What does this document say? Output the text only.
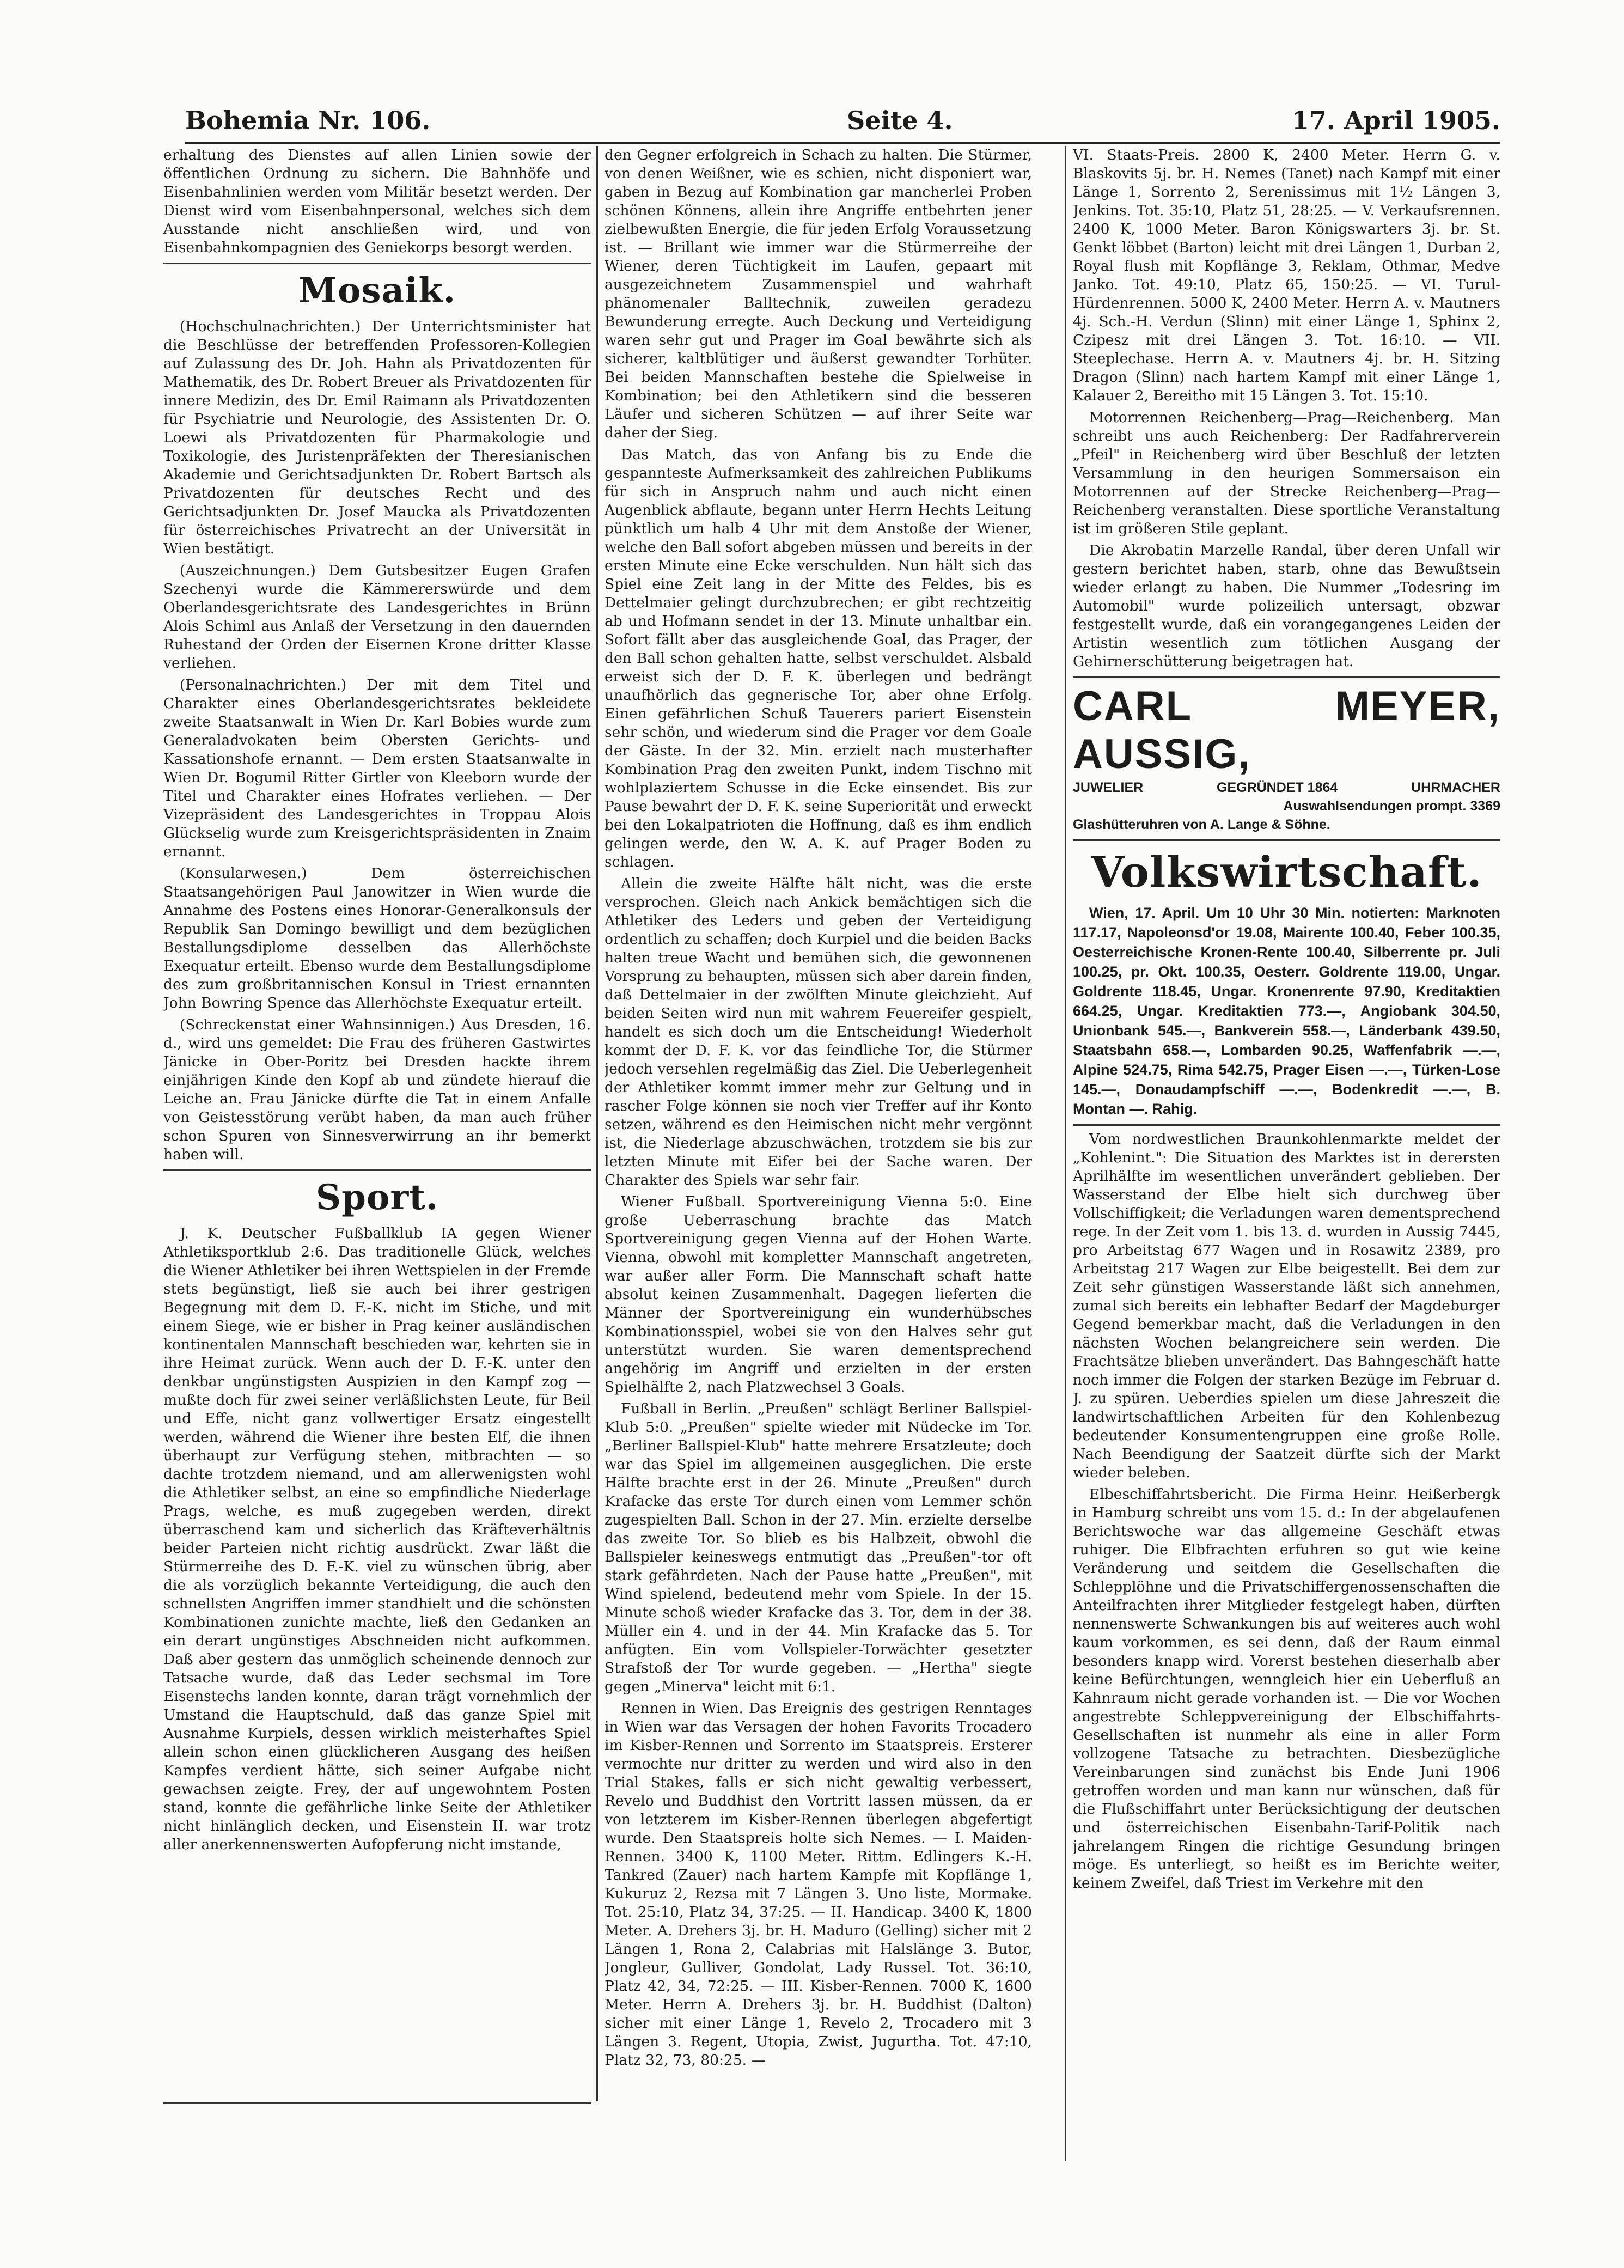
Bohemia Nr. 106.	Seite 4.	17. April 1905.

erhaltung des Dienstes auf allen Linien sowie der öffentlichen Ordnung zu sichern. Die Bahnhöfe und Eisenbahnlinien werden vom Militär besetzt werden. Der Dienst wird vom Eisenbahnpersonal, welches sich dem Ausstande nicht anschließen wird, und von Eisenbahnkompagnien des Geniekorps besorgt werden.

Mosaik.

(Hochschulnachrichten.) Der Unterrichtsminister hat die Beschlüsse der betreffenden Professoren-Kollegien auf Zulassung des Dr. Joh. Hahn als Privatdozenten für Mathematik, des Dr. Robert Breuer als Privatdozenten für innere Medizin, des Dr. Emil Raimann als Privatdozenten für Psychiatrie und Neurologie, des Assistenten Dr. O. Loewi als Privatdozenten für Pharmakologie und Toxikologie, des Juristenpräfekten der Theresianischen Akademie und Gerichtsadjunkten Dr. Robert Bartsch als Privatdozenten für deutsches Recht und des Gerichtsadjunkten Dr. Josef Maucka als Privatdozenten für österreichisches Privatrecht an der Universität in Wien bestätigt.

(Auszeichnungen.) Dem Gutsbesitzer Eugen Grafen Szechenyi wurde die Kämmererswürde und dem Oberlandesgerichtsrate des Landesgerichtes in Brünn Alois Schiml aus Anlaß der Versetzung in den dauernden Ruhestand der Orden der Eisernen Krone dritter Klasse verliehen.

(Personalnachrichten.) Der mit dem Titel und Charakter eines Oberlandesgerichtsrates bekleidete zweite Staatsanwalt in Wien Dr. Karl Bobies wurde zum Generaladvokaten beim Obersten Gerichts- und Kassationshofe ernannt. — Dem ersten Staatsanwalte in Wien Dr. Bogumil Ritter Girtler von Kleeborn wurde der Titel und Charakter eines Hofrates verliehen. — Der Vizepräsident des Landesgerichtes in Troppau Alois Glückselig wurde zum Kreisgerichtspräsidenten in Znaim ernannt.

(Konsularwesen.) Dem österreichischen Staatsangehörigen Paul Janowitzer in Wien wurde die Annahme des Postens eines Honorar-Generalkonsuls der Republik San Domingo bewilligt und dem bezüglichen Bestallungsdiplome desselben das Allerhöchste Exequatur erteilt. Ebenso wurde dem Bestallungsdiplome des zum großbritannischen Konsul in Triest ernannten John Bowring Spence das Allerhöchste Exequatur erteilt.

(Schreckenstat einer Wahnsinnigen.) Aus Dresden, 16. d., wird uns gemeldet: Die Frau des früheren Gastwirtes Jänicke in Ober-Poritz bei Dresden hackte ihrem einjährigen Kinde den Kopf ab und zündete hierauf die Leiche an. Frau Jänicke dürfte die Tat in einem Anfalle von Geistesstörung verübt haben, da man auch früher schon Spuren von Sinnesverwirrung an ihr bemerkt haben will.

Sport.

J. K. Deutscher Fußballklub IA gegen Wiener Athletiksportklub 2:6. Das traditionelle Glück, welches die Wiener Athletiker bei ihren Wettspielen in der Fremde stets begünstigt, ließ sie auch bei ihrer gestrigen Begegnung mit dem D. F.-K. nicht im Stiche, und mit einem Siege, wie er bisher in Prag keiner ausländischen kontinentalen Mannschaft beschieden war, kehrten sie in ihre Heimat zurück. Wenn auch der D. F.-K. unter den denkbar ungünstigsten Auspizien in den Kampf zog — mußte doch für zwei seiner verläßlichsten Leute, für Beil und Effe, nicht ganz vollwertiger Ersatz eingestellt werden, während die Wiener ihre besten Elf, die ihnen überhaupt zur Verfügung stehen, mitbrachten — so dachte trotzdem niemand, und am allerwenigsten wohl die Athletiker selbst, an eine so empfindliche Niederlage Prags, welche, es muß zugegeben werden, direkt überraschend kam und sicherlich das Kräfteverhältnis beider Parteien nicht richtig ausdrückt. Zwar läßt die Stürmerreihe des D. F.-K. viel zu wünschen übrig, aber die als vorzüglich bekannte Verteidigung, die auch den schnellsten Angriffen immer standhielt und die schönsten Kombinationen zunichte machte, ließ den Gedanken an ein derart ungünstiges Abschneiden nicht aufkommen. Daß aber gestern das unmöglich scheinende dennoch zur Tatsache wurde, daß das Leder sechsmal im Tore Eisenstechs landen konnte, daran trägt vornehmlich der Umstand die Hauptschuld, daß das ganze Spiel mit Ausnahme Kurpiels, dessen wirklich meisterhaftes Spiel allein schon einen glücklicheren Ausgang des heißen Kampfes verdient hätte, sich seiner Aufgabe nicht gewachsen zeigte. Frey, der auf ungewohntem Posten stand, konnte die gefährliche linke Seite der Athletiker nicht hinlänglich decken, und Eisenstein II. war trotz aller anerkennenswerten Aufopferung nicht imstande,

den Gegner erfolgreich in Schach zu halten. Die Stürmer, von denen Weißner, wie es schien, nicht disponiert war, gaben in Bezug auf Kombination gar mancherlei Proben schönen Könnens, allein ihre Angriffe entbehrten jener zielbewußten Energie, die für jeden Erfolg Voraussetzung ist. — Brillant wie immer war die Stürmerreihe der Wiener, deren Tüchtigkeit im Laufen, gepaart mit ausgezeichnetem Zusammenspiel und wahrhaft phänomenaler Balltechnik, zuweilen geradezu Bewunderung erregte. Auch Deckung und Verteidigung waren sehr gut und Prager im Goal bewährte sich als sicherer, kaltblütiger und äußerst gewandter Torhüter. Bei beiden Mannschaften bestehe die Spielweise in Kombination; bei den Athletikern sind die besseren Läufer und sicheren Schützen — auf ihrer Seite war daher der Sieg.

Das Match, das von Anfang bis zu Ende die gespannteste Aufmerksamkeit des zahlreichen Publikums für sich in Anspruch nahm und auch nicht einen Augenblick abflaute, begann unter Herrn Hechts Leitung pünktlich um halb 4 Uhr mit dem Anstoße der Wiener, welche den Ball sofort abgeben müssen und bereits in der ersten Minute eine Ecke verschulden. Nun hält sich das Spiel eine Zeit lang in der Mitte des Feldes, bis es Dettelmaier gelingt durchzubrechen; er gibt rechtzeitig ab und Hofmann sendet in der 13. Minute unhaltbar ein. Sofort fällt aber das ausgleichende Goal, das Prager, der den Ball schon gehalten hatte, selbst verschuldet. Alsbald erweist sich der D. F. K. überlegen und bedrängt unaufhörlich das gegnerische Tor, aber ohne Erfolg. Einen gefährlichen Schuß Tauerers pariert Eisenstein sehr schön, und wiederum sind die Prager vor dem Goale der Gäste. In der 32. Min. erzielt nach musterhafter Kombination Prag den zweiten Punkt, indem Tischno mit wohlplaziertem Schusse in die Ecke einsendet. Bis zur Pause bewahrt der D. F. K. seine Superiorität und erweckt bei den Lokalpatrioten die Hoffnung, daß es ihm endlich gelingen werde, den W. A. K. auf Prager Boden zu schlagen.

Allein die zweite Hälfte hält nicht, was die erste versprochen. Gleich nach Ankick bemächtigen sich die Athletiker des Leders und geben der Verteidigung ordentlich zu schaffen; doch Kurpiel und die beiden Backs halten treue Wacht und bemühen sich, die gewonnenen Vorsprung zu behaupten, müssen sich aber darein finden, daß Dettelmaier in der zwölften Minute gleichzieht. Auf beiden Seiten wird nun mit wahrem Feuereifer gespielt, handelt es sich doch um die Entscheidung! Wiederholt kommt der D. F. K. vor das feindliche Tor, die Stürmer jedoch versehlen regelmäßig das Ziel. Die Ueberlegenheit der Athletiker kommt immer mehr zur Geltung und in rascher Folge können sie noch vier Treffer auf ihr Konto setzen, während es den Heimischen nicht mehr vergönnt ist, die Niederlage abzuschwächen, trotzdem sie bis zur letzten Minute mit Eifer bei der Sache waren. Der Charakter des Spiels war sehr fair.

Wiener Fußball. Sportvereinigung Vienna 5:0. Eine große Ueberraschung brachte das Match Sportvereinigung gegen Vienna auf der Hohen Warte. Vienna, obwohl mit kompletter Mannschaft angetreten, war außer aller Form. Die Mannschaft schaft hatte absolut keinen Zusammenhalt. Dagegen lieferten die Männer der Sportvereinigung ein wunderhübsches Kombinationsspiel, wobei sie von den Halves sehr gut unterstützt wurden. Sie waren dementsprechend angehörig im Angriff und erzielten in der ersten Spielhälfte 2, nach Platzwechsel 3 Goals.

Fußball in Berlin. „Preußen" schlägt Berliner Ballspiel-Klub 5:0. „Preußen" spielte wieder mit Nüdecke im Tor. „Berliner Ballspiel-Klub" hatte mehrere Ersatzleute; doch war das Spiel im allgemeinen ausgeglichen. Die erste Hälfte brachte erst in der 26. Minute „Preußen" durch Krafacke das erste Tor durch einen vom Lemmer schön zugespielten Ball. Schon in der 27. Min. erzielte derselbe das zweite Tor. So blieb es bis Halbzeit, obwohl die Ballspieler keineswegs entmutigt das „Preußen"-tor oft stark gefährdeten. Nach der Pause hatte „Preußen", mit Wind spielend, bedeutend mehr vom Spiele. In der 15. Minute schoß wieder Krafacke das 3. Tor, dem in der 38. Müller ein 4. und in der 44. Min Krafacke das 5. Tor anfügten. Ein vom Vollspieler-Torwächter gesetzter Strafstoß der Tor wurde gegeben. — „Hertha" siegte gegen „Minerva" leicht mit 6:1.

Rennen in Wien. Das Ereignis des gestrigen Renntages in Wien war das Versagen der hohen Favorits Trocadero im Kisber-Rennen und Sorrento im Staatspreis. Ersterer vermochte nur dritter zu werden und wird also in den Trial Stakes, falls er sich nicht gewaltig verbessert, Revelo und Buddhist den Vortritt lassen müssen, da er von letzterem im Kisber-Rennen überlegen abgefertigt wurde. Den Staatspreis holte sich Nemes. — I. Maiden-Rennen. 3400 K, 1100 Meter. Rittm. Edlingers K.-H. Tankred (Zauer) nach hartem Kampfe mit Kopflänge 1, Kukuruz 2, Rezsa mit 7 Längen 3. Uno liste, Mormake. Tot. 25:10, Platz 34, 37:25. — II. Handicap. 3400 K, 1800 Meter. A. Drehers 3j. br. H. Maduro (Gelling) sicher mit 2 Längen 1, Rona 2, Calabrias mit Halslänge 3. Butor, Jongleur, Gulliver, Gondolat, Lady Russel. Tot. 36:10, Platz 42, 34, 72:25. — III. Kisber-Rennen. 7000 K, 1600 Meter. Herrn A. Drehers 3j. br. H. Buddhist (Dalton) sicher mit einer Länge 1, Revelo 2, Trocadero mit 3 Längen 3. Regent, Utopia, Zwist, Jugurtha. Tot. 47:10, Platz 32, 73, 80:25. —

VI. Staats-Preis. 2800 K, 2400 Meter. Herrn G. v. Blaskovits 5j. br. H. Nemes (Tanet) nach Kampf mit einer Länge 1, Sorrento 2, Serenissimus mit 1½ Längen 3, Jenkins. Tot. 35:10, Platz 51, 28:25. — V. Verkaufsrennen. 2400 K, 1000 Meter. Baron Königswarters 3j. br. St. Genkt löbbet (Barton) leicht mit drei Längen 1, Durban 2, Royal flush mit Kopflänge 3, Reklam, Othmar, Medve Janko. Tot. 49:10, Platz 65, 150:25. — VI. Turul-Hürdenrennen. 5000 K, 2400 Meter. Herrn A. v. Mautners 4j. Sch.-H. Verdun (Slinn) mit einer Länge 1, Sphinx 2, Czipesz mit drei Längen 3. Tot. 16:10. — VII. Steeplechase. Herrn A. v. Mautners 4j. br. H. Sitzing Dragon (Slinn) nach hartem Kampf mit einer Länge 1, Kalauer 2, Bereitho mit 15 Längen 3. Tot. 15:10.

Motorrennen Reichenberg—Prag—Reichenberg. Man schreibt uns auch Reichenberg: Der Radfahrerverein „Pfeil" in Reichenberg wird über Beschluß der letzten Versammlung in den heurigen Sommersaison ein Motorrennen auf der Strecke Reichenberg—Prag—Reichenberg veranstalten. Diese sportliche Veranstaltung ist im größeren Stile geplant.

Die Akrobatin Marzelle Randal, über deren Unfall wir gestern berichtet haben, starb, ohne das Bewußtsein wieder erlangt zu haben. Die Nummer „Todesring im Automobil" wurde polizeilich untersagt, obzwar festgestellt wurde, daß ein vorangegangenes Leiden der Artistin wesentlich zum tötlichen Ausgang der Gehirnerschütterung beigetragen hat.

CARL MEYER, AUSSIG,
JUWELIER	GEGRÜNDET 1864	UHRMACHER
Auswahlsendungen prompt. 3369
Glashütteruhren von A. Lange & Söhne.
Volkswirtschaft.

Wien, 17. April. Um 10 Uhr 30 Min. notierten: Marknoten 117.17, Napoleonsd'or 19.08, Mairente 100.40, Feber 100.35, Oesterreichische Kronen-Rente 100.40, Silberrente pr. Juli 100.25, pr. Okt. 100.35, Oesterr. Goldrente 119.00, Ungar. Goldrente 118.45, Ungar. Kronenrente 97.90, Kreditaktien 664.25, Ungar. Kreditaktien 773.—, Angiobank 304.50, Unionbank 545.—, Bankverein 558.—, Länderbank 439.50, Staatsbahn 658.—, Lombarden 90.25, Waffenfabrik —.—, Alpine 524.75, Rima 542.75, Prager Eisen —.—, Türken-Lose 145.—, Donaudampfschiff —.—, Bodenkredit —.—, B. Montan —. Rahig.

Vom nordwestlichen Braunkohlenmarkte meldet der „Kohlenint.": Die Situation des Marktes ist in derersten Aprilhälfte im wesentlichen unverändert geblieben. Der Wasserstand der Elbe hielt sich durchweg über Vollschiffigkeit; die Verladungen waren dementsprechend rege. In der Zeit vom 1. bis 13. d. wurden in Aussig 7445, pro Arbeitstag 677 Wagen und in Rosawitz 2389, pro Arbeitstag 217 Wagen zur Elbe beigestellt. Bei dem zur Zeit sehr günstigen Wasserstande läßt sich annehmen, zumal sich bereits ein lebhafter Bedarf der Magdeburger Gegend bemerkbar macht, daß die Verladungen in den nächsten Wochen belangreichere sein werden. Die Frachtsätze blieben unverändert. Das Bahngeschäft hatte noch immer die Folgen der starken Bezüge im Februar d. J. zu spüren. Ueberdies spielen um diese Jahreszeit die landwirtschaftlichen Arbeiten für den Kohlenbezug bedeutender Konsumentengruppen eine große Rolle. Nach Beendigung der Saatzeit dürfte sich der Markt wieder beleben.

Elbeschiffahrtsbericht. Die Firma Heinr. Heißerbergk in Hamburg schreibt uns vom 15. d.: In der abgelaufenen Berichtswoche war das allgemeine Geschäft etwas ruhiger. Die Elbfrachten erfuhren so gut wie keine Veränderung und seitdem die Gesellschaften die Schlepplöhne und die Privatschiffergenossenschaften die Anteilfrachten ihrer Mitglieder festgelegt haben, dürften nennenswerte Schwankungen bis auf weiteres auch wohl kaum vorkommen, es sei denn, daß der Raum einmal besonders knapp wird. Vorerst bestehen dieserhalb aber keine Befürchtungen, wenngleich hier ein Ueberfluß an Kahnraum nicht gerade vorhanden ist. — Die vor Wochen angestrebte Schleppvereinigung der Elbschiffahrts-Gesellschaften ist nunmehr als eine in aller Form vollzogene Tatsache zu betrachten. Diesbezügliche Vereinbarungen sind zunächst bis Ende Juni 1906 getroffen worden und man kann nur wünschen, daß für die Flußschiffahrt unter Berücksichtigung der deutschen und österreichischen Eisenbahn-Tarif-Politik nach jahrelangem Ringen die richtige Gesundung bringen möge. Es unterliegt, so heißt es im Berichte weiter, keinem Zweifel, daß Triest im Verkehre mit den
